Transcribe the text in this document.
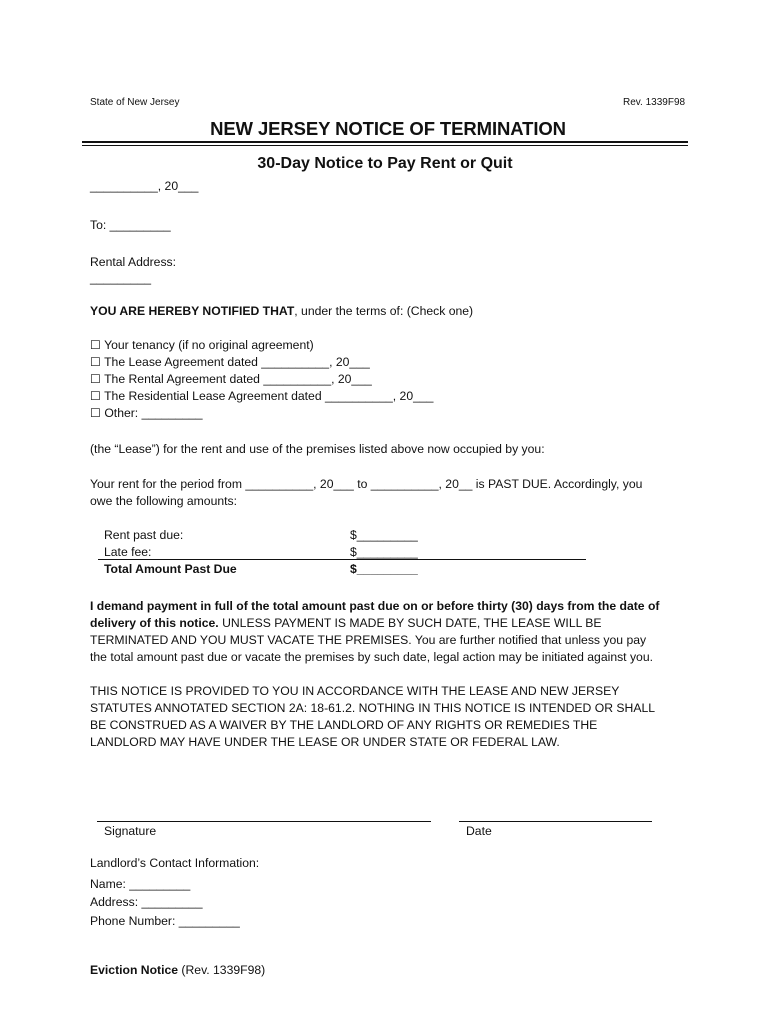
State of New Jersey	Rev. 1339F98
NEW JERSEY NOTICE OF TERMINATION
30-Day Notice to Pay Rent or Quit
__________, 20___
To: _________
Rental Address:
_________
YOU ARE HEREBY NOTIFIED THAT, under the terms of: (Check one)
☐ Your tenancy (if no original agreement)
☐ The Lease Agreement dated __________, 20___
☐ The Rental Agreement dated __________, 20___
☐ The Residential Lease Agreement dated __________, 20___
☐ Other: _________
(the “Lease”) for the rent and use of the premises listed above now occupied by you:
Your rent for the period from __________, 20___ to __________, 20__ is PAST DUE. Accordingly, you
owe the following amounts:
Rent past due:	$_________
Late fee:	$_________
Total Amount Past Due	$_________
I demand payment in full of the total amount past due on or before thirty (30) days from the date of
delivery of this notice. UNLESS PAYMENT IS MADE BY SUCH DATE, THE LEASE WILL BE
TERMINATED AND YOU MUST VACATE THE PREMISES. You are further notified that unless you pay
the total amount past due or vacate the premises by such date, legal action may be initiated against you.
THIS NOTICE IS PROVIDED TO YOU IN ACCORDANCE WITH THE LEASE AND NEW JERSEY
STATUTES ANNOTATED SECTION 2A: 18-61.2. NOTHING IN THIS NOTICE IS INTENDED OR SHALL
BE CONSTRUED AS A WAIVER BY THE LANDLORD OF ANY RIGHTS OR REMEDIES THE
LANDLORD MAY HAVE UNDER THE LEASE OR UNDER STATE OR FEDERAL LAW.
Signature	Date
Landlord’s Contact Information:
Name: _________
Address: _________
Phone Number: _________
Eviction Notice (Rev. 1339F98)
